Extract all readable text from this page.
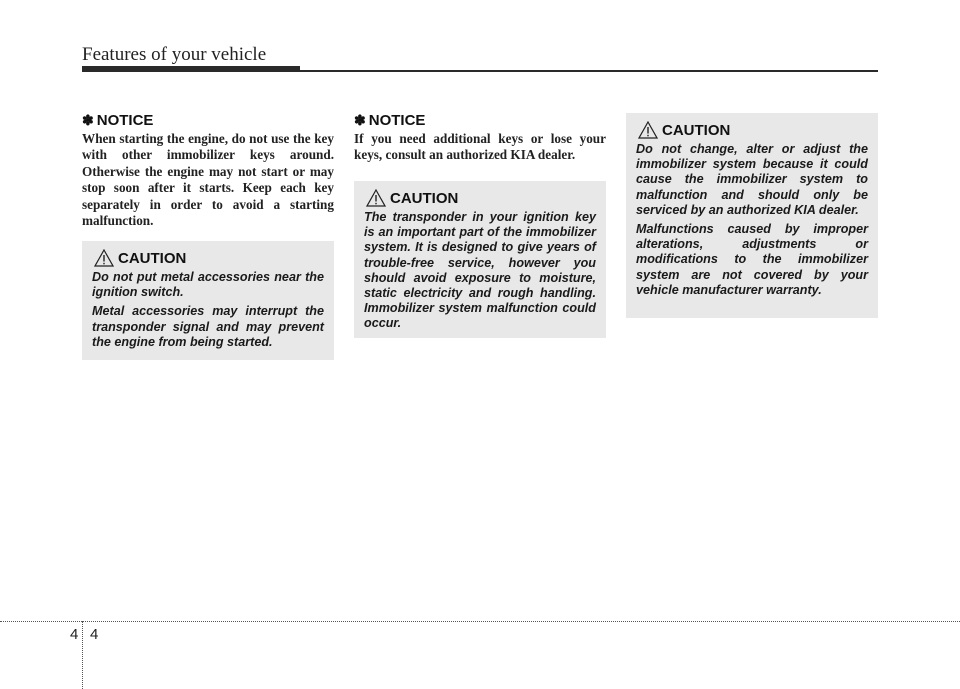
Features of your vehicle
✽ NOTICE

When starting the engine, do not use the key with other immobilizer keys around. Otherwise the engine may not start or may stop soon after it starts. Keep each key separately in order to avoid a starting malfunction.

CAUTION

Do not put metal accessories near the ignition switch.

Metal accessories may interrupt the transponder signal and may prevent the engine from being started.

✽ NOTICE

If you need additional keys or lose your keys, consult an authorized KIA dealer.

CAUTION

The transponder in your ignition key is an important part of the immobilizer system. It is designed to give years of trouble-free service, however you should avoid exposure to moisture, static electricity and rough handling. Immobilizer system malfunction could occur.

CAUTION

Do not change, alter or adjust the immobilizer system because it could cause the immobilizer system to malfunction and should only be serviced by an authorized KIA dealer.

Malfunctions caused by improper alterations, adjustments or modifications to the immobilizer system are not covered by your vehicle manufacturer warranty.

4 4
